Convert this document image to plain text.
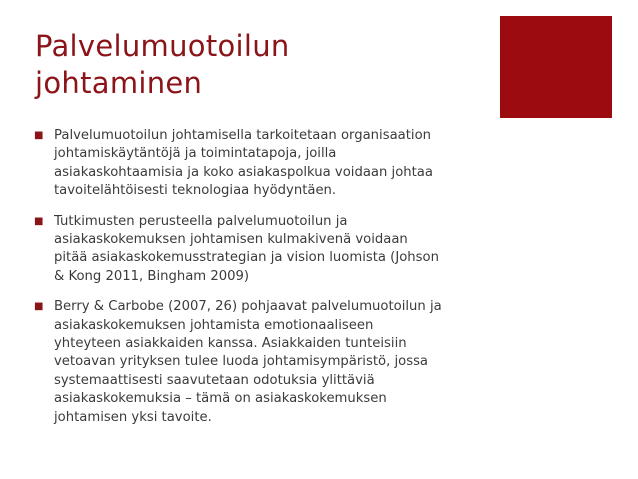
Palvelumuotoilun
johtaminen
■ Palvelumuotoilun johtamisella tarkoitetaan organisaation
johtamiskäytäntöjä ja toimintatapoja, joilla
asiakaskohtaamisia ja koko asiakaspolkua voidaan johtaa
tavoitelähtöisesti teknologiaa hyödyntäen.
■ Tutkimusten perusteella palvelumuotoilun ja
asiakaskokemuksen johtamisen kulmakivenä voidaan
pitää asiakaskokemusstrategian ja vision luomista (Johson
& Kong 2011, Bingham 2009)
■ Berry & Carbobe (2007, 26) pohjaavat palvelumuotoilun ja
asiakaskokemuksen johtamista emotionaaliseen
yhteyteen asiakkaiden kanssa. Asiakkaiden tunteisiin
vetoavan yrityksen tulee luoda johtamisympäristö, jossa
systemaattisesti saavutetaan odotuksia ylittäviä
asiakaskokemuksia – tämä on asiakaskokemuksen
johtamisen yksi tavoite.
